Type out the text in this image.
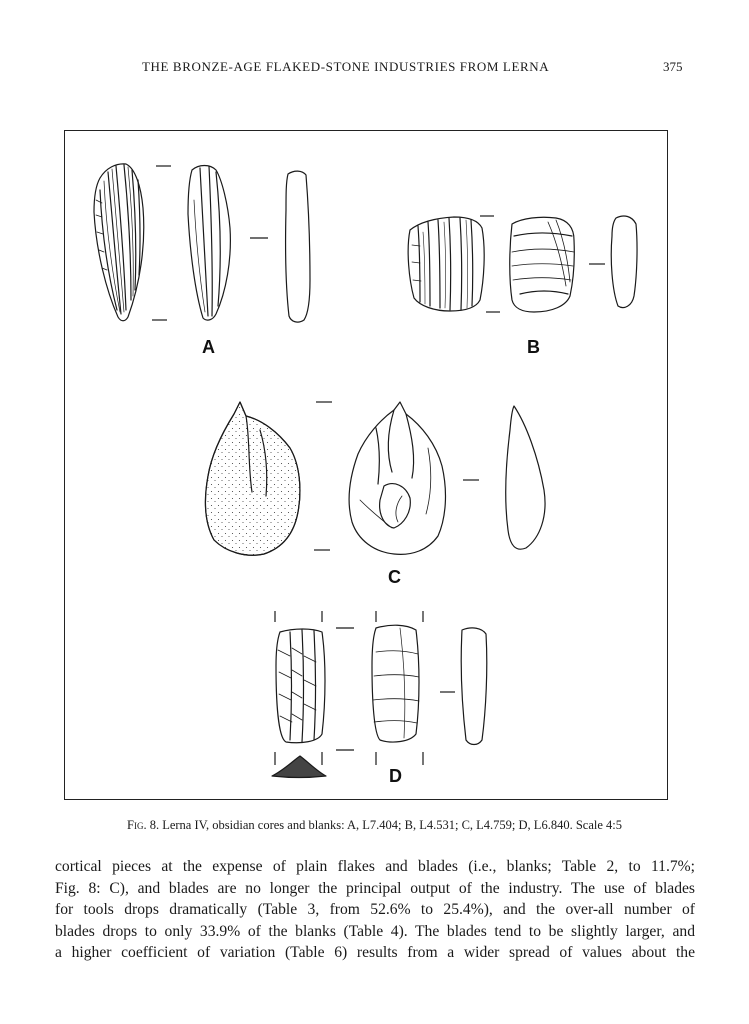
THE BRONZE-AGE FLAKED-STONE INDUSTRIES FROM LERNA	375
A	B
C
D
Fig. 8. Lerna IV, obsidian cores and blanks: A, L7.404; B, L4.531; C, L4.759; D, L6.840. Scale 4:5
cortical pieces at the expense of plain flakes and blades (i.e., blanks; Table 2, to 11.7%;
Fig. 8: C), and blades are no longer the principal output of the industry. The use of blades
for tools drops dramatically (Table 3, from 52.6% to 25.4%), and the over-all number of
blades drops to only 33.9% of the blanks (Table 4). The blades tend to be slightly larger, and
a higher coefficient of variation (Table 6) results from a wider spread of values about the
